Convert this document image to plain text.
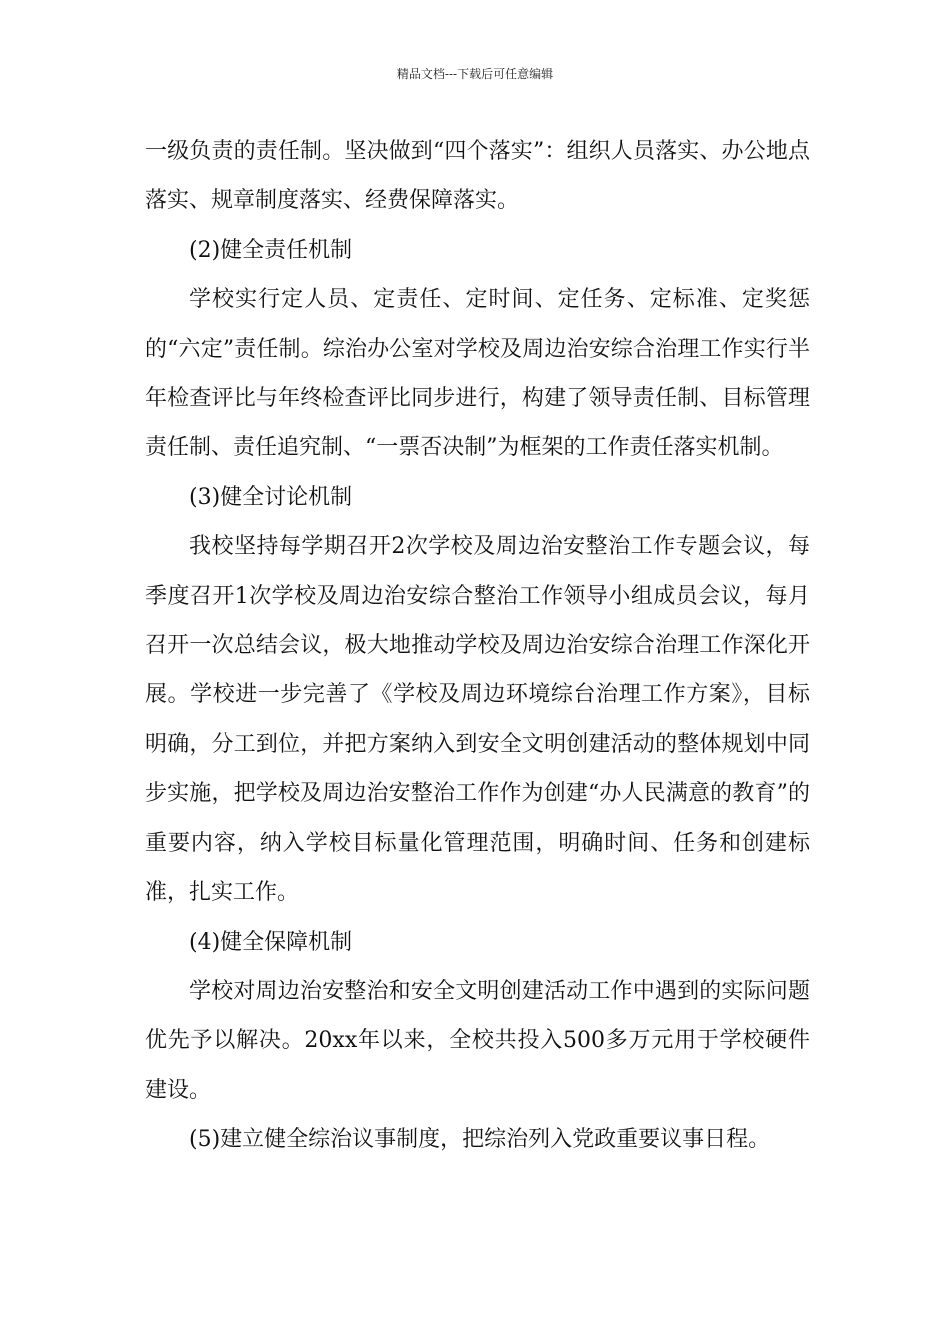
精品文档---下载后可任意编辑

一级负责的责任制。坚决做到“四个落实”：组织人员落实、办公地点落实、规章制度落实、经费保障落实。

(2)健全责任机制

学校实行定人员、定责任、定时间、定任务、定标准、定奖惩的“六定”责任制。综治办公室对学校及周边治安综合治理工作实行半年检查评比与年终检查评比同步进行，构建了领导责任制、目标管理责任制、责任追究制、“一票否决制”为框架的工作责任落实机制。

(3)健全讨论机制

我校坚持每学期召开2次学校及周边治安整治工作专题会议，每季度召开1次学校及周边治安综合整治工作领导小组成员会议，每月召开一次总结会议，极大地推动学校及周边治安综合治理工作深化开展。学校进一步完善了《学校及周边环境综台治理工作方案》，目标明确，分工到位，并把方案纳入到安全文明创建活动的整体规划中同步实施，把学校及周边治安整治工作作为创建“办人民满意的教育”的重要内容，纳入学校目标量化管理范围，明确时间、任务和创建标准，扎实工作。

(4)健全保障机制

学校对周边治安整治和安全文明创建活动工作中遇到的实际问题优先予以解决。20xx年以来，全校共投入500多万元用于学校硬件建设。

(5)建立健全综治议事制度，把综治列入党政重要议事日程。
